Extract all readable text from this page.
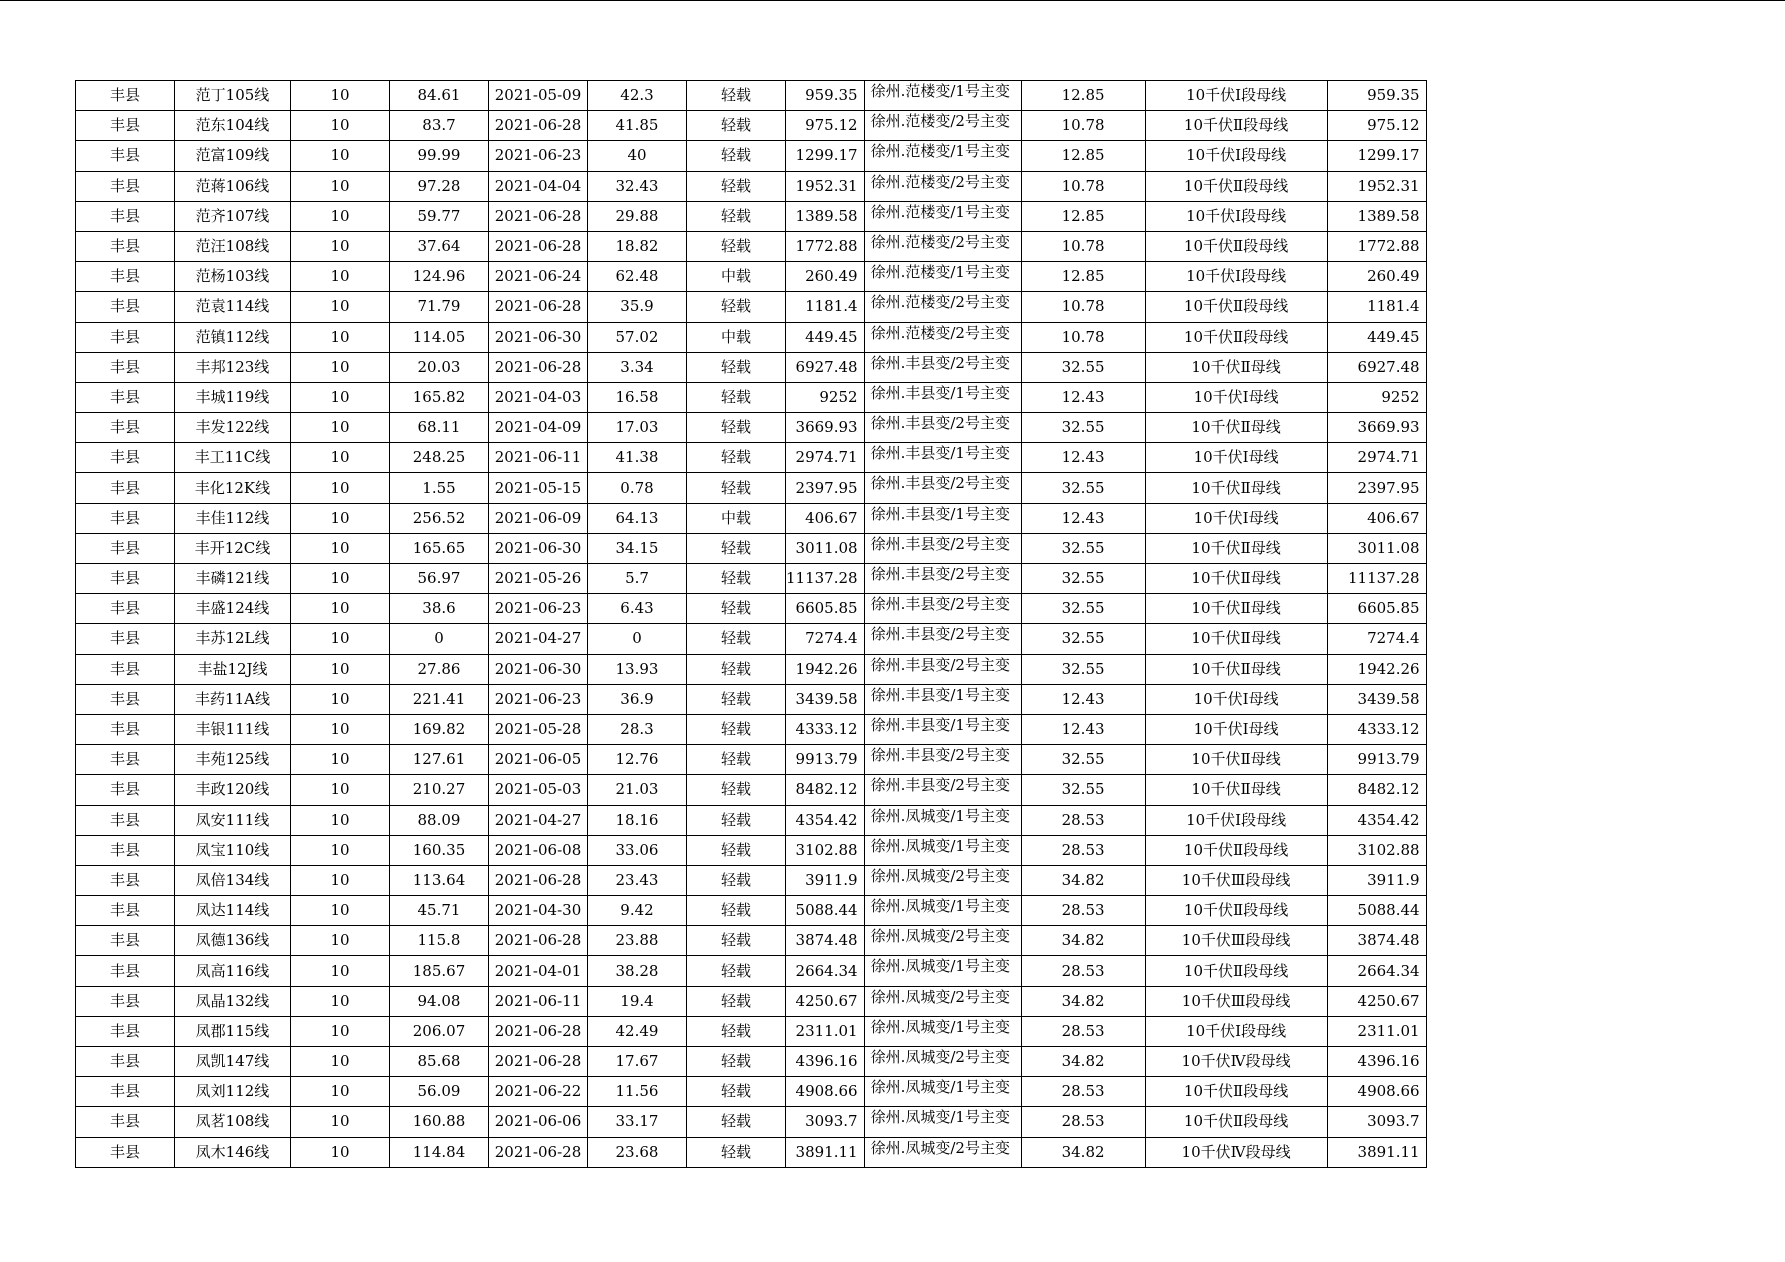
丰县	范丁105线	10	84.61	2021-05-09	42.3	轻载	959.35	徐州.范楼变/1号主变	12.85	10千伏Ⅰ段母线	959.35
丰县	范东104线	10	83.7	2021-06-28	41.85	轻载	975.12	徐州.范楼变/2号主变	10.78	10千伏Ⅱ段母线	975.12
丰县	范富109线	10	99.99	2021-06-23	40	轻载	1299.17	徐州.范楼变/1号主变	12.85	10千伏Ⅰ段母线	1299.17
丰县	范蒋106线	10	97.28	2021-04-04	32.43	轻载	1952.31	徐州.范楼变/2号主变	10.78	10千伏Ⅱ段母线	1952.31
丰县	范齐107线	10	59.77	2021-06-28	29.88	轻载	1389.58	徐州.范楼变/1号主变	12.85	10千伏Ⅰ段母线	1389.58
丰县	范汪108线	10	37.64	2021-06-28	18.82	轻载	1772.88	徐州.范楼变/2号主变	10.78	10千伏Ⅱ段母线	1772.88
丰县	范杨103线	10	124.96	2021-06-24	62.48	中载	260.49	徐州.范楼变/1号主变	12.85	10千伏Ⅰ段母线	260.49
丰县	范袁114线	10	71.79	2021-06-28	35.9	轻载	1181.4	徐州.范楼变/2号主变	10.78	10千伏Ⅱ段母线	1181.4
丰县	范镇112线	10	114.05	2021-06-30	57.02	中载	449.45	徐州.范楼变/2号主变	10.78	10千伏Ⅱ段母线	449.45
丰县	丰邦123线	10	20.03	2021-06-28	3.34	轻载	6927.48	徐州.丰县变/2号主变	32.55	10千伏Ⅱ母线	6927.48
丰县	丰城119线	10	165.82	2021-04-03	16.58	轻载	9252	徐州.丰县变/1号主变	12.43	10千伏Ⅰ母线	9252
丰县	丰发122线	10	68.11	2021-04-09	17.03	轻载	3669.93	徐州.丰县变/2号主变	32.55	10千伏Ⅱ母线	3669.93
丰县	丰工11C线	10	248.25	2021-06-11	41.38	轻载	2974.71	徐州.丰县变/1号主变	12.43	10千伏Ⅰ母线	2974.71
丰县	丰化12K线	10	1.55	2021-05-15	0.78	轻载	2397.95	徐州.丰县变/2号主变	32.55	10千伏Ⅱ母线	2397.95
丰县	丰佳112线	10	256.52	2021-06-09	64.13	中载	406.67	徐州.丰县变/1号主变	12.43	10千伏Ⅰ母线	406.67
丰县	丰开12C线	10	165.65	2021-06-30	34.15	轻载	3011.08	徐州.丰县变/2号主变	32.55	10千伏Ⅱ母线	3011.08
丰县	丰磷121线	10	56.97	2021-05-26	5.7	轻载	11137.28	徐州.丰县变/2号主变	32.55	10千伏Ⅱ母线	11137.28
丰县	丰盛124线	10	38.6	2021-06-23	6.43	轻载	6605.85	徐州.丰县变/2号主变	32.55	10千伏Ⅱ母线	6605.85
丰县	丰苏12L线	10	0	2021-04-27	0	轻载	7274.4	徐州.丰县变/2号主变	32.55	10千伏Ⅱ母线	7274.4
丰县	丰盐12J线	10	27.86	2021-06-30	13.93	轻载	1942.26	徐州.丰县变/2号主变	32.55	10千伏Ⅱ母线	1942.26
丰县	丰药11A线	10	221.41	2021-06-23	36.9	轻载	3439.58	徐州.丰县变/1号主变	12.43	10千伏Ⅰ母线	3439.58
丰县	丰银111线	10	169.82	2021-05-28	28.3	轻载	4333.12	徐州.丰县变/1号主变	12.43	10千伏Ⅰ母线	4333.12
丰县	丰苑125线	10	127.61	2021-06-05	12.76	轻载	9913.79	徐州.丰县变/2号主变	32.55	10千伏Ⅱ母线	9913.79
丰县	丰政120线	10	210.27	2021-05-03	21.03	轻载	8482.12	徐州.丰县变/2号主变	32.55	10千伏Ⅱ母线	8482.12
丰县	凤安111线	10	88.09	2021-04-27	18.16	轻载	4354.42	徐州.凤城变/1号主变	28.53	10千伏Ⅰ段母线	4354.42
丰县	凤宝110线	10	160.35	2021-06-08	33.06	轻载	3102.88	徐州.凤城变/1号主变	28.53	10千伏Ⅱ段母线	3102.88
丰县	凤倍134线	10	113.64	2021-06-28	23.43	轻载	3911.9	徐州.凤城变/2号主变	34.82	10千伏Ⅲ段母线	3911.9
丰县	凤达114线	10	45.71	2021-04-30	9.42	轻载	5088.44	徐州.凤城变/1号主变	28.53	10千伏Ⅱ段母线	5088.44
丰县	凤德136线	10	115.8	2021-06-28	23.88	轻载	3874.48	徐州.凤城变/2号主变	34.82	10千伏Ⅲ段母线	3874.48
丰县	凤高116线	10	185.67	2021-04-01	38.28	轻载	2664.34	徐州.凤城变/1号主变	28.53	10千伏Ⅱ段母线	2664.34
丰县	凤晶132线	10	94.08	2021-06-11	19.4	轻载	4250.67	徐州.凤城变/2号主变	34.82	10千伏Ⅲ段母线	4250.67
丰县	凤郡115线	10	206.07	2021-06-28	42.49	轻载	2311.01	徐州.凤城变/1号主变	28.53	10千伏Ⅰ段母线	2311.01
丰县	凤凯147线	10	85.68	2021-06-28	17.67	轻载	4396.16	徐州.凤城变/2号主变	34.82	10千伏Ⅳ段母线	4396.16
丰县	凤刘112线	10	56.09	2021-06-22	11.56	轻载	4908.66	徐州.凤城变/1号主变	28.53	10千伏Ⅱ段母线	4908.66
丰县	凤茗108线	10	160.88	2021-06-06	33.17	轻载	3093.7	徐州.凤城变/1号主变	28.53	10千伏Ⅱ段母线	3093.7
丰县	凤木146线	10	114.84	2021-06-28	23.68	轻载	3891.11	徐州.凤城变/2号主变	34.82	10千伏Ⅳ段母线	3891.11
